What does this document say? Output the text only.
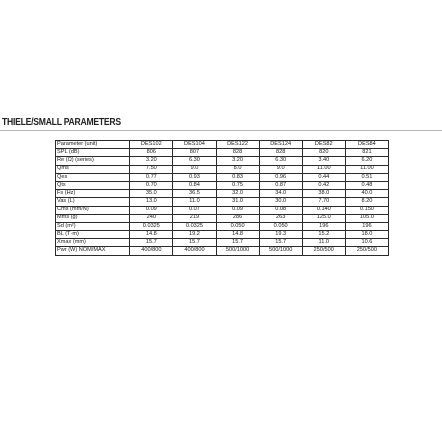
THIELE/SMALL PARAMETERS
Parameter (unit)	DES102	DES104	DES122	DES124	DES82	DES84
SPL (dB)	806	807	828	828	820	821
Re (Ω) (series)	3.20	6.30	3.20	6.30	3.40	6.20
Qms	7.50	9.0	8.0	9.0	11.00	11.00
Qes	0.77	0.93	0.83	0.96	0.44	0.51
Qts	0.70	0.84	0.75	0.87	0.42	0.48
Fs (Hz)	35.0	36.5	32.0	34.0	38.0	40.0
Vas (L)	13.0	11.0	31.0	30.0	7.70	8.20
Cms (mm/N)	0.09	0.07	0.09	0.08	0.140	0.150
Mms (g)	240	219	286	263	125.0	105.0
Sd (m²)	0.0325	0.0325	0.050	0.050	196	196
BL (T·m)	14.8	19.2	14.8	19.3	15.2	18.0
Xmax (mm)	15.7	15.7	15.7	15.7	11.0	10.6
Pwr (W) NOM/MAX	400/800	400/800	500/1000	500/1000	250/500	250/500
